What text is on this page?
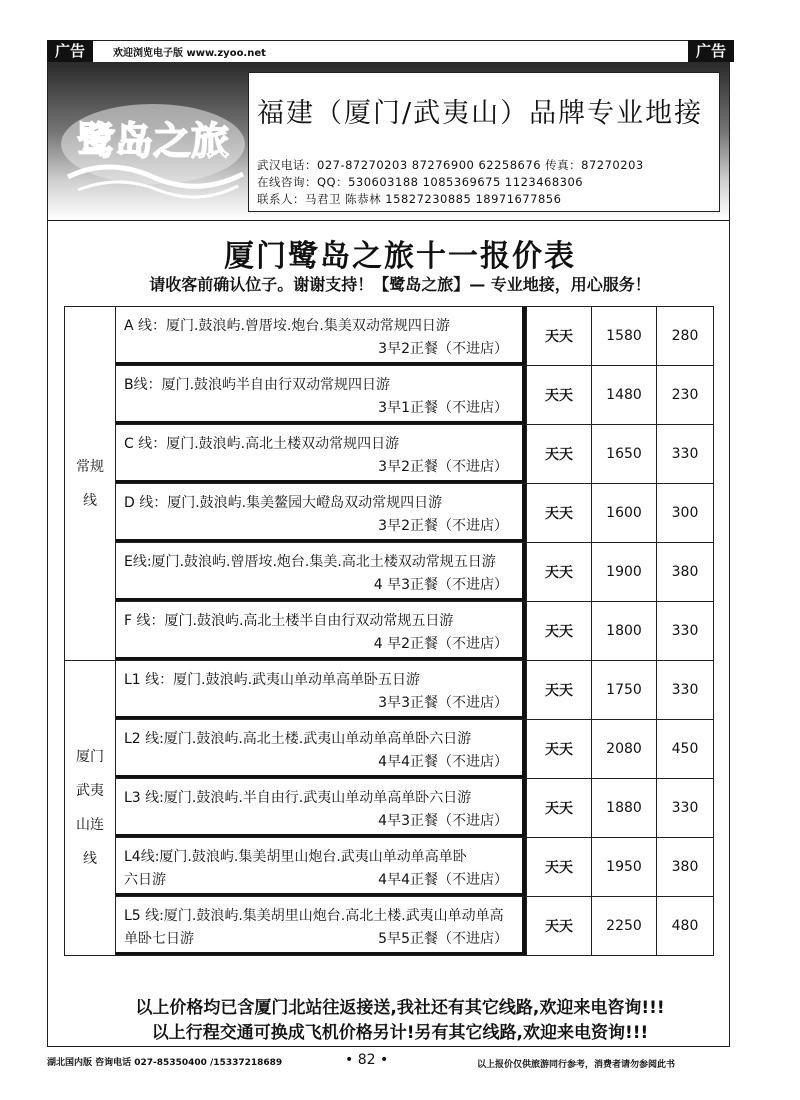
广告	广告
欢迎浏览电子版 www.zyoo.net
鹭岛之旅
福建（厦门/武夷山）品牌专业地接
武汉电话：027-87270203 87276900 62258676 传真：87270203
在线咨询：QQ：530603188 1085369675 1123468306
联系人：马君卫 陈恭林 15827230885 18971677856
厦门鹭岛之旅十一报价表
请收客前确认位子。谢谢支持！【鹭岛之旅】— 专业地接，用心服务！
常规线	A 线：厦门.鼓浪屿.曾厝垵.炮台.集美双动常规四日游
3早2正餐（不进店）	天天	1580	280

	B线：厦门.鼓浪屿半自由行双动常规四日游
3早1正餐（不进店）	天天	1480	230

	C 线：厦门.鼓浪屿.高北土楼双动常规四日游
3早2正餐（不进店）	天天	1650	330

	D 线：厦门.鼓浪屿.集美鳌园大嶝岛双动常规四日游
3早2正餐（不进店）	天天	1600	300

	E线:厦门.鼓浪屿.曾厝垵.炮台.集美.高北土楼双动常规五日游
4 早3正餐（不进店）	天天	1900	380

	F 线：厦门.鼓浪屿.高北土楼半自由行双动常规五日游
4 早2正餐（不进店）	天天	1800	330
厦门武夷山连线	L1 线：厦门.鼓浪屿.武夷山单动单高单卧五日游
3早3正餐（不进店）	天天	1750	330

	L2 线:厦门.鼓浪屿.高北土楼.武夷山单动单高单卧六日游
4早4正餐（不进店）	天天	2080	450

	L3 线:厦门.鼓浪屿.半自由行.武夷山单动单高单卧六日游
4早3正餐（不进店）	天天	1880	330

	L4线:厦门.鼓浪屿.集美胡里山炮台.武夷山单动单高单卧
六日游 4早4正餐（不进店）	天天	1950	380

	L5 线:厦门.鼓浪屿.集美胡里山炮台.高北土楼.武夷山单动单高
单卧七日游 5早5正餐（不进店）	天天	2250	480
以上价格均已含厦门北站往返接送,我社还有其它线路,欢迎来电咨询!!!
以上行程交通可换成飞机价格另计!另有其它线路,欢迎来电资询!!!
湖北国内版 咨询电话 027-85350400 /15337218689	• 82 •	以上报价仅供旅游同行参考，消费者请勿参阅此书
